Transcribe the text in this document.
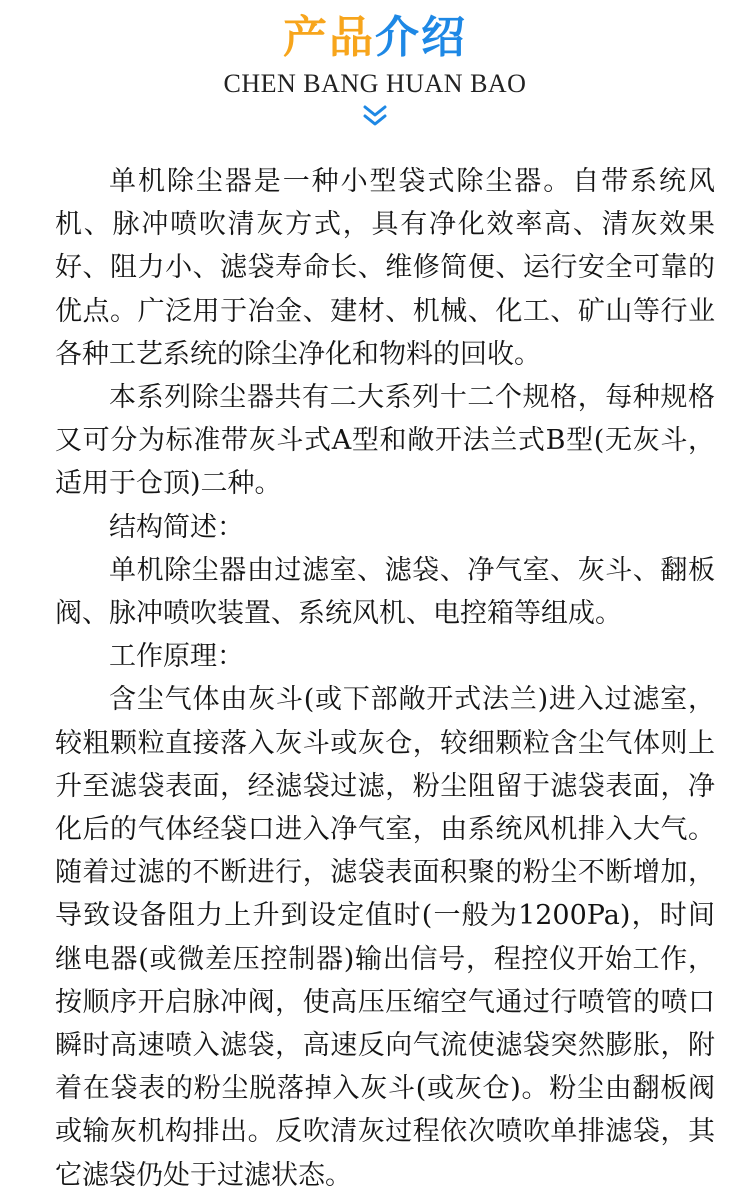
产品介绍
CHEN BANG HUAN BAO

单机除尘器是一种小型袋式除尘器。自带系统风机、脉冲喷吹清灰方式，具有净化效率高、清灰效果好、阻力小、滤袋寿命长、维修简便、运行安全可靠的优点。广泛用于冶金、建材、机械、化工、矿山等行业各种工艺系统的除尘净化和物料的回收。

本系列除尘器共有二大系列十二个规格，每种规格又可分为标准带灰斗式A型和敞开法兰式B型(无灰斗，适用于仓顶)二种。

结构简述：

单机除尘器由过滤室、滤袋、净气室、灰斗、翻板阀、脉冲喷吹装置、系统风机、电控箱等组成。

工作原理：

含尘气体由灰斗(或下部敞开式法兰)进入过滤室，较粗颗粒直接落入灰斗或灰仓，较细颗粒含尘气体则上升至滤袋表面，经滤袋过滤，粉尘阻留于滤袋表面，净化后的气体经袋口进入净气室，由系统风机排入大气。随着过滤的不断进行，滤袋表面积聚的粉尘不断增加，导致设备阻力上升到设定值时(一般为1200Pa)，时间继电器(或微差压控制器)输出信号，程控仪开始工作，按顺序开启脉冲阀，使高压压缩空气通过行喷管的喷口瞬时高速喷入滤袋，高速反向气流使滤袋突然膨胀，附着在袋表的粉尘脱落掉入灰斗(或灰仓)。粉尘由翻板阀或输灰机构排出。反吹清灰过程依次喷吹单排滤袋，其它滤袋仍处于过滤状态。
